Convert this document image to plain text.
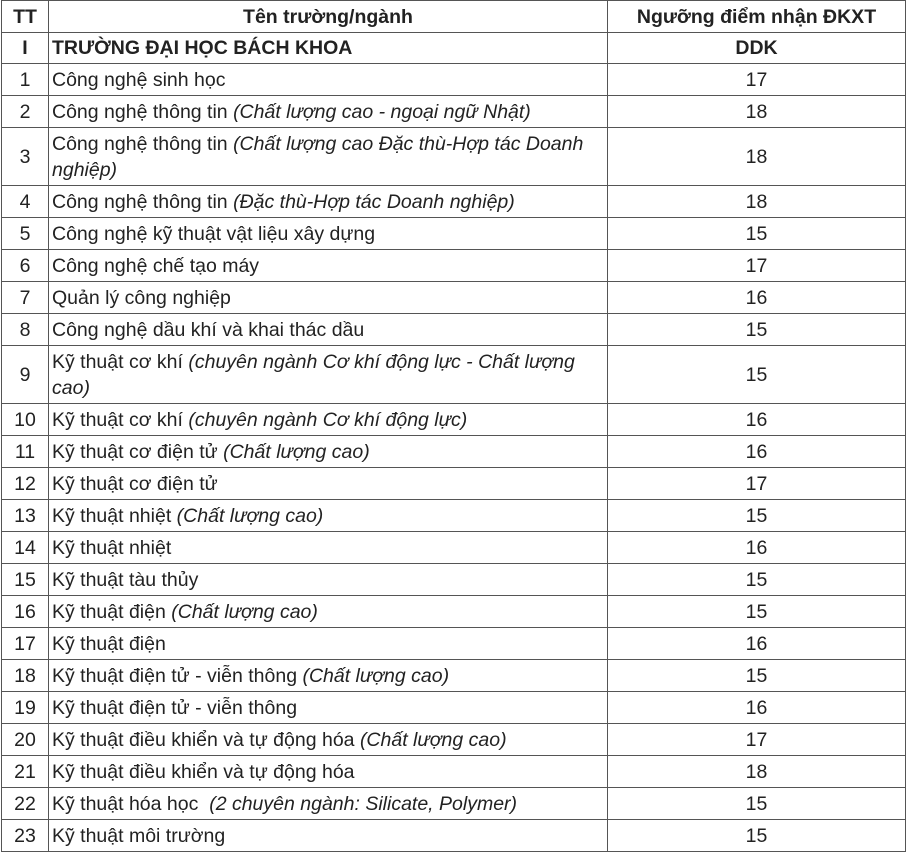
TT	Tên trường/ngành	Ngưỡng điểm nhận ĐKXT
I	TRƯỜNG ĐẠI HỌC BÁCH KHOA	DDK
1	Công nghệ sinh học	17
2	Công nghệ thông tin (Chất lượng cao - ngoại ngữ Nhật)	18
3	Công nghệ thông tin (Chất lượng cao Đặc thù-Hợp tác Doanh nghiệp)	18
4	Công nghệ thông tin (Đặc thù-Hợp tác Doanh nghiệp)	18
5	Công nghệ kỹ thuật vật liệu xây dựng	15
6	Công nghệ chế tạo máy	17
7	Quản lý công nghiệp	16
8	Công nghệ dầu khí và khai thác dầu	15
9	Kỹ thuật cơ khí (chuyên ngành Cơ khí động lực - Chất lượng cao)	15
10	Kỹ thuật cơ khí (chuyên ngành Cơ khí động lực)	16
11	Kỹ thuật cơ điện tử (Chất lượng cao)	16
12	Kỹ thuật cơ điện tử	17
13	Kỹ thuật nhiệt (Chất lượng cao)	15
14	Kỹ thuật nhiệt	16
15	Kỹ thuật tàu thủy	15
16	Kỹ thuật điện (Chất lượng cao)	15
17	Kỹ thuật điện	16
18	Kỹ thuật điện tử - viễn thông (Chất lượng cao)	15
19	Kỹ thuật điện tử - viễn thông	16
20	Kỹ thuật điều khiển và tự động hóa (Chất lượng cao)	17
21	Kỹ thuật điều khiển và tự động hóa	18
22	Kỹ thuật hóa học  (2 chuyên ngành: Silicate, Polymer)	15
23	Kỹ thuật môi trường	15
